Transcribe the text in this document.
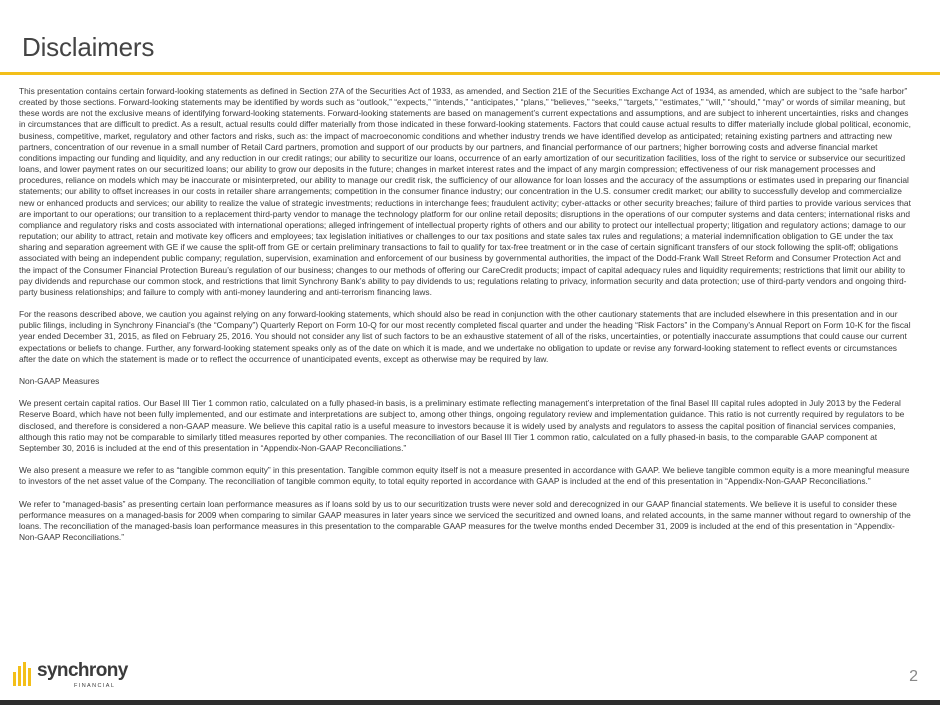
Disclaimers

This presentation contains certain forward-looking statements as defined in Section 27A of the Securities Act of 1933, as amended, and Section 21E of the Securities Exchange Act of 1934, as amended, which are subject to the “safe harbor” created by those sections. Forward-looking statements may be identified by words such as “outlook,” “expects,” “intends,” “anticipates,” “plans,” “believes,” “seeks,” “targets,” “estimates,” “will,” “should,” “may” or words of similar meaning, but these words are not the exclusive means of identifying forward-looking statements. Forward-looking statements are based on management’s current expectations and assumptions, and are subject to inherent uncertainties, risks and changes in circumstances that are difficult to predict. As a result, actual results could differ materially from those indicated in these forward-looking statements. Factors that could cause actual results to differ materially include global political, economic, business, competitive, market, regulatory and other factors and risks, such as: the impact of macroeconomic conditions and whether industry trends we have identified develop as anticipated; retaining existing partners and attracting new partners, concentration of our revenue in a small number of Retail Card partners, promotion and support of our products by our partners, and financial performance of our partners; higher borrowing costs and adverse financial market conditions impacting our funding and liquidity, and any reduction in our credit ratings; our ability to securitize our loans, occurrence of an early amortization of our securitization facilities, loss of the right to service or subservice our securitized loans, and lower payment rates on our securitized loans; our ability to grow our deposits in the future; changes in market interest rates and the impact of any margin compression; effectiveness of our risk management processes and procedures, reliance on models which may be inaccurate or misinterpreted, our ability to manage our credit risk, the sufficiency of our allowance for loan losses and the accuracy of the assumptions or estimates used in preparing our financial statements; our ability to offset increases in our costs in retailer share arrangements; competition in the consumer finance industry; our concentration in the U.S. consumer credit market; our ability to successfully develop and commercialize new or enhanced products and services; our ability to realize the value of strategic investments; reductions in interchange fees; fraudulent activity; cyber-attacks or other security breaches; failure of third parties to provide various services that are important to our operations; our transition to a replacement third-party vendor to manage the technology platform for our online retail deposits; disruptions in the operations of our computer systems and data centers; international risks and compliance and regulatory risks and costs associated with international operations; alleged infringement of intellectual property rights of others and our ability to protect our intellectual property; litigation and regulatory actions; damage to our reputation; our ability to attract, retain and motivate key officers and employees; tax legislation initiatives or challenges to our tax positions and state sales tax rules and regulations; a material indemnification obligation to GE under the tax sharing and separation agreement with GE if we cause the split-off from GE or certain preliminary transactions to fail to qualify for tax-free treatment or in the case of certain significant transfers of our stock following the split-off; obligations associated with being an independent public company; regulation, supervision, examination and enforcement of our business by governmental authorities, the impact of the Dodd-Frank Wall Street Reform and Consumer Protection Act and the impact of the Consumer Financial Protection Bureau’s regulation of our business; changes to our methods of offering our CareCredit products; impact of capital adequacy rules and liquidity requirements; restrictions that limit our ability to pay dividends and repurchase our common stock, and restrictions that limit Synchrony Bank’s ability to pay dividends to us; regulations relating to privacy, information security and data protection; use of third-party vendors and ongoing third-party business relationships; and failure to comply with anti-money laundering and anti-terrorism financing laws.

For the reasons described above, we caution you against relying on any forward-looking statements, which should also be read in conjunction with the other cautionary statements that are included elsewhere in this presentation and in our public filings, including in Synchrony Financial’s (the “Company”) Quarterly Report on Form 10-Q for our most recently completed fiscal quarter and under the heading “Risk Factors” in the Company’s Annual Report on Form 10-K for the fiscal year ended December 31, 2015, as filed on February 25, 2016. You should not consider any list of such factors to be an exhaustive statement of all of the risks, uncertainties, or potentially inaccurate assumptions that could cause our current expectations or beliefs to change. Further, any forward-looking statement speaks only as of the date on which it is made, and we undertake no obligation to update or revise any forward-looking statement to reflect events or circumstances after the date on which the statement is made or to reflect the occurrence of unanticipated events, except as otherwise may be required by law.

Non-GAAP Measures

We present certain capital ratios. Our Basel III Tier 1 common ratio, calculated on a fully phased-in basis, is a preliminary estimate reflecting management’s interpretation of the final Basel III capital rules adopted in July 2013 by the Federal Reserve Board, which have not been fully implemented, and our estimate and interpretations are subject to, among other things, ongoing regulatory review and implementation guidance. This ratio is not currently required by regulators to be disclosed, and therefore is considered a non-GAAP measure. We believe this capital ratio is a useful measure to investors because it is widely used by analysts and regulators to assess the capital position of financial services companies, although this ratio may not be comparable to similarly titled measures reported by other companies. The reconciliation of our Basel III Tier 1 common ratio, calculated on a fully phased-in basis, to the comparable GAAP component at September 30, 2016 is included at the end of this presentation in “Appendix-Non-GAAP Reconciliations.”

We also present a measure we refer to as “tangible common equity” in this presentation. Tangible common equity itself is not a measure presented in accordance with GAAP. We believe tangible common equity is a more meaningful measure to investors of the net asset value of the Company. The reconciliation of tangible common equity, to total equity reported in accordance with GAAP is included at the end of this presentation in “Appendix-Non-GAAP Reconciliations.”

We refer to “managed-basis” as presenting certain loan performance measures as if loans sold by us to our securitization trusts were never sold and derecognized in our GAAP financial statements. We believe it is useful to consider these performance measures on a managed-basis for 2009 when comparing to similar GAAP measures in later years since we serviced the securitized and owned loans, and related accounts, in the same manner without regard to ownership of the loans. The reconciliation of the managed-basis loan performance measures in this presentation to the comparable GAAP measures for the twelve months ended December 31, 2009 is included at the end of this presentation in “Appendix-Non-GAAP Reconciliations.”

synchrony
FINANCIAL
2
